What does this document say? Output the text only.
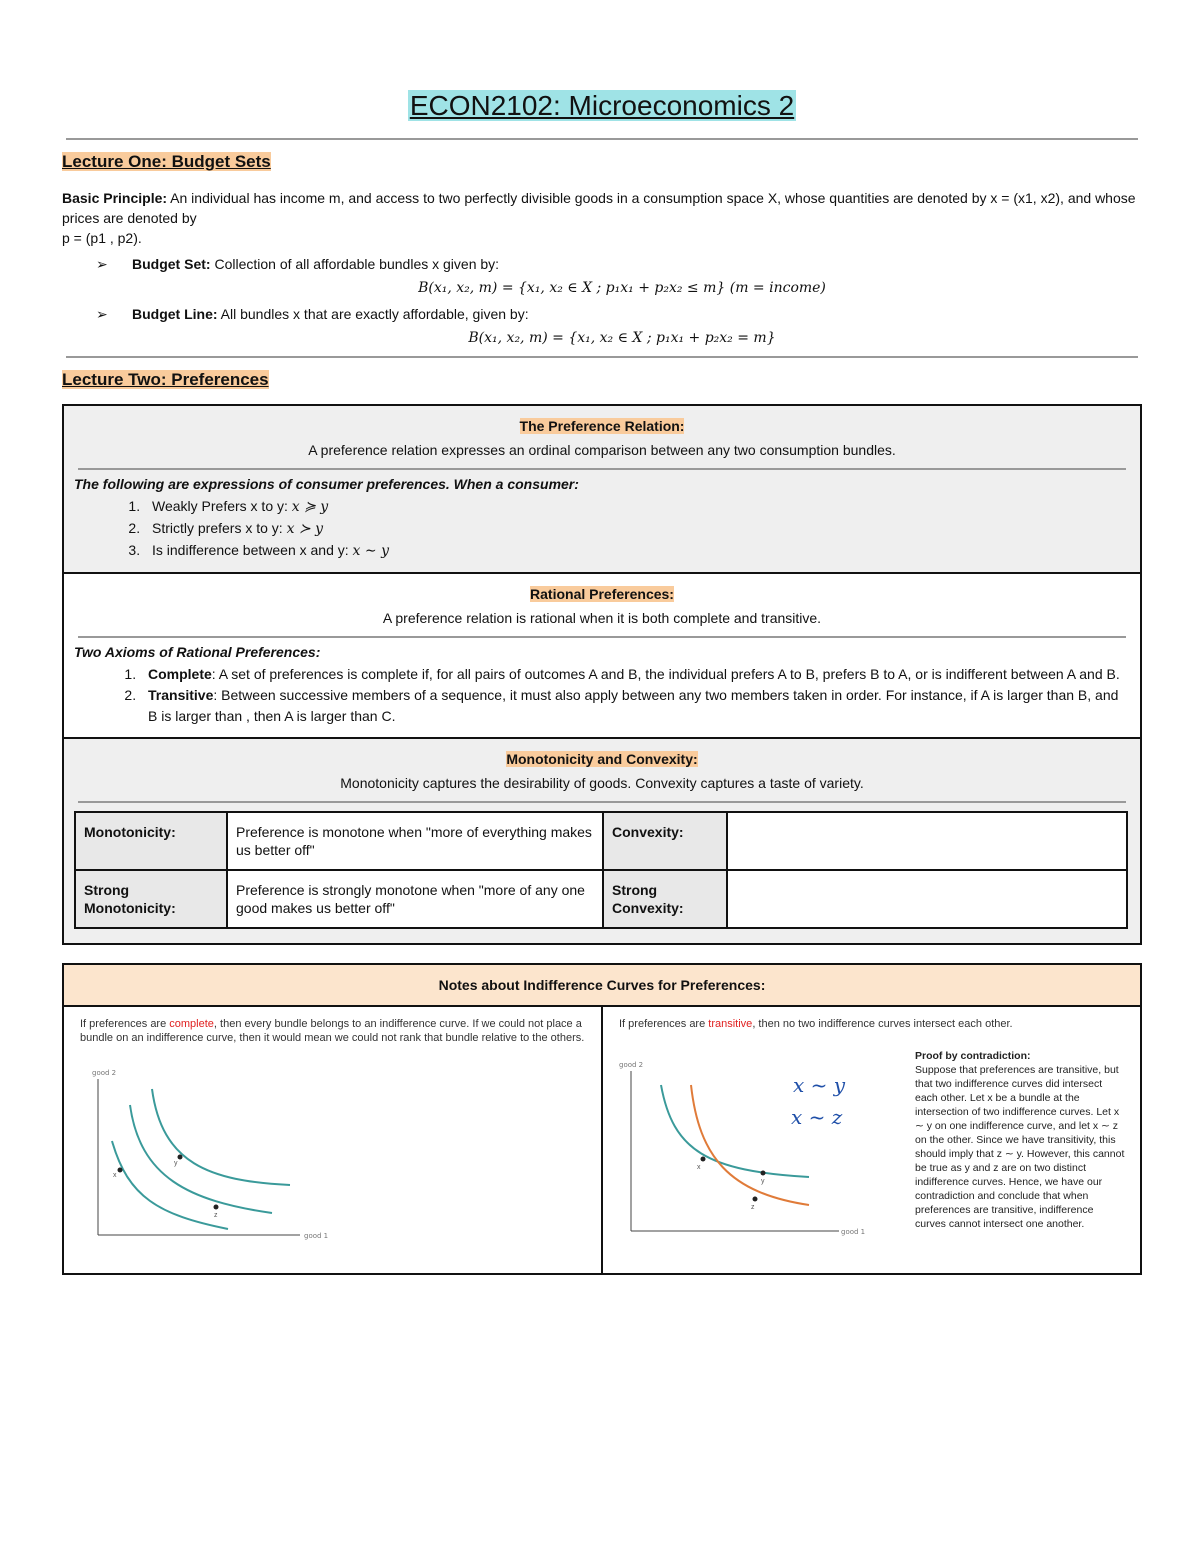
ECON2102: Microeconomics 2
Lecture One: Budget Sets
Basic Principle: An individual has income m, and access to two perfectly divisible goods in a consumption space X, whose quantities are denoted by x = (x1, x2), and whose prices are denoted by
p = (p1 , p2).
➢ Budget Set: Collection of all affordable bundles x given by:
B(x₁, x₂, m) = {x₁, x₂ ∈ X ; p₁x₁ + p₂x₂ ≤ m} (m = income)
➢ Budget Line: All bundles x that are exactly affordable, given by:
B(x₁, x₂, m) = {x₁, x₂ ∈ X ; p₁x₁ + p₂x₂ = m}
Lecture Two: Preferences
The Preference Relation:
A preference relation expresses an ordinal comparison between any two consumption bundles.
The following are expressions of consumer preferences. When a consumer:
1. Weakly Prefers x to y: x ≽ y
2. Strictly prefers x to y: x ≻ y
3. Is indifference between x and y: x ∼ y
Rational Preferences:
A preference relation is rational when it is both complete and transitive.
Two Axioms of Rational Preferences:
1. Complete: A set of preferences is complete if, for all pairs of outcomes A and B, the individual prefers A to B, prefers B to A, or is indifferent between A and B.
2. Transitive: Between successive members of a sequence, it must also apply between any two members taken in order. For instance, if A is larger than B, and B is larger than , then A is larger than C.
Monotonicity and Convexity:
Monotonicity captures the desirability of goods. Convexity captures a taste of variety.
Monotonicity:	Preference is monotone when "more of everything makes us better off"	Convexity:	
Strong Monotonicity:	Preference is strongly monotone when "more of any one good makes us better off"	Strong Convexity:	
Notes about Indifference Curves for Preferences:
If preferences are complete, then every bundle belongs to an indifference curve. If we could not place a bundle on an indifference curve, then it would mean we could not rank that bundle relative to the others.
good 2
good 1
x
y
z
If preferences are transitive, then no two indifference curves intersect each other.
good 2
good 1
x
y
z
x ~ y
x ~ z
Proof by contradiction:
Suppose that preferences are transitive, but that two indifference curves did intersect each other. Let x be a bundle at the intersection of two indifference curves. Let x ∼ y on one indifference curve, and let x ∼ z on the other. Since we have transitivity, this should imply that z ∼ y. However, this cannot be true as y and z are on two distinct indifference curves. Hence, we have our contradiction and conclude that when preferences are transitive, indifference curves cannot intersect one another.
